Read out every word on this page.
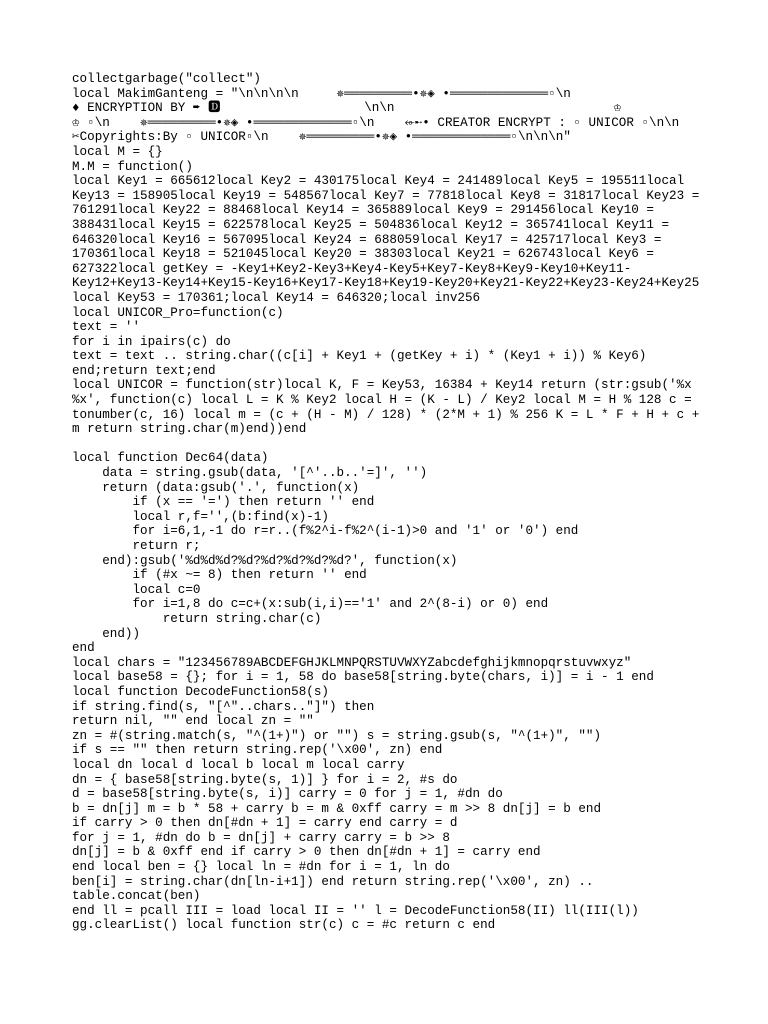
collectgarbage("collect")
local MakimGanteng = "\n\n\n\n     ✵═════════•✵◈ •═════════════▫\n
♦ ENCRYPTION BY ➨ 🅳                   \n\n                             ♔
♔ ▫\n    ✵═════════•✵◈ •═════════════▫\n    ⬰➸• CREATOR ENCRYPT : ▫ UNICOR ▫\n\n
✂Copyrights:By ▫ UNICOR▫\n    ✵═════════•✵◈ •═════════════▫\n\n\n"
local M = {}
M.M = function()
local Key1 = 665612local Key2 = 430175local Key4 = 241489local Key5 = 195511local
Key13 = 158905local Key19 = 548567local Key7 = 77818local Key8 = 31817local Key23 =
761291local Key22 = 88468local Key14 = 365889local Key9 = 291456local Key10 =
388431local Key15 = 622578local Key25 = 504836local Key12 = 365741local Key11 =
646320local Key16 = 567095local Key24 = 688059local Key17 = 425717local Key3 =
170361local Key18 = 521045local Key20 = 38303local Key21 = 626743local Key6 =
627322local getKey = -Key1+Key2-Key3+Key4-Key5+Key7-Key8+Key9-Key10+Key11-
Key12+Key13-Key14+Key15-Key16+Key17-Key18+Key19-Key20+Key21-Key22+Key23-Key24+Key25
local Key53 = 170361;local Key14 = 646320;local inv256
local UNICOR_Pro=function(c)
text = ''
for i in ipairs(c) do
text = text .. string.char((c[i] + Key1 + (getKey + i) * (Key1 + i)) % Key6)
end;return text;end
local UNICOR = function(str)local K, F = Key53, 16384 + Key14 return (str:gsub('%x
%x', function(c) local L = K % Key2 local H = (K - L) / Key2 local M = H % 128 c =
tonumber(c, 16) local m = (c + (H - M) / 128) * (2*M + 1) % 256 K = L * F + H + c +
m return string.char(m)end))end
local function Dec64(data)
data = string.gsub(data, '[^'..b..'=]', '')
return (data:gsub('.', function(x)
if (x == '=') then return '' end
local r,f='',(b:find(x)-1)
for i=6,1,-1 do r=r..(f%2^i-f%2^(i-1)>0 and '1' or '0') end
return r;
end):gsub('%d%d%d?%d?%d?%d?%d?%d?', function(x)
if (#x ~= 8) then return '' end
local c=0
for i=1,8 do c=c+(x:sub(i,i)=='1' and 2^(8-i) or 0) end
return string.char(c)
end))
end
local chars = "123456789ABCDEFGHJKLMNPQRSTUVWXYZabcdefghijkmnopqrstuvwxyz"
local base58 = {}; for i = 1, 58 do base58[string.byte(chars, i)] = i - 1 end
local function DecodeFunction58(s)
if string.find(s, "[^"..chars.."]") then
return nil, "" end local zn = ""
zn = #(string.match(s, "^(1+)") or "") s = string.gsub(s, "^(1+)", "")
if s == "" then return string.rep('\x00', zn) end
local dn local d local b local m local carry
dn = { base58[string.byte(s, 1)] } for i = 2, #s do
d = base58[string.byte(s, i)] carry = 0 for j = 1, #dn do
b = dn[j] m = b * 58 + carry b = m & 0xff carry = m >> 8 dn[j] = b end
if carry > 0 then dn[#dn + 1] = carry end carry = d
for j = 1, #dn do b = dn[j] + carry carry = b >> 8
dn[j] = b & 0xff end if carry > 0 then dn[#dn + 1] = carry end
end local ben = {} local ln = #dn for i = 1, ln do
ben[i] = string.char(dn[ln-i+1]) end return string.rep('\x00', zn) ..
table.concat(ben)
end ll = pcall III = load local II = '' l = DecodeFunction58(II) ll(III(l))
gg.clearList() local function str(c) c = #c return c end
